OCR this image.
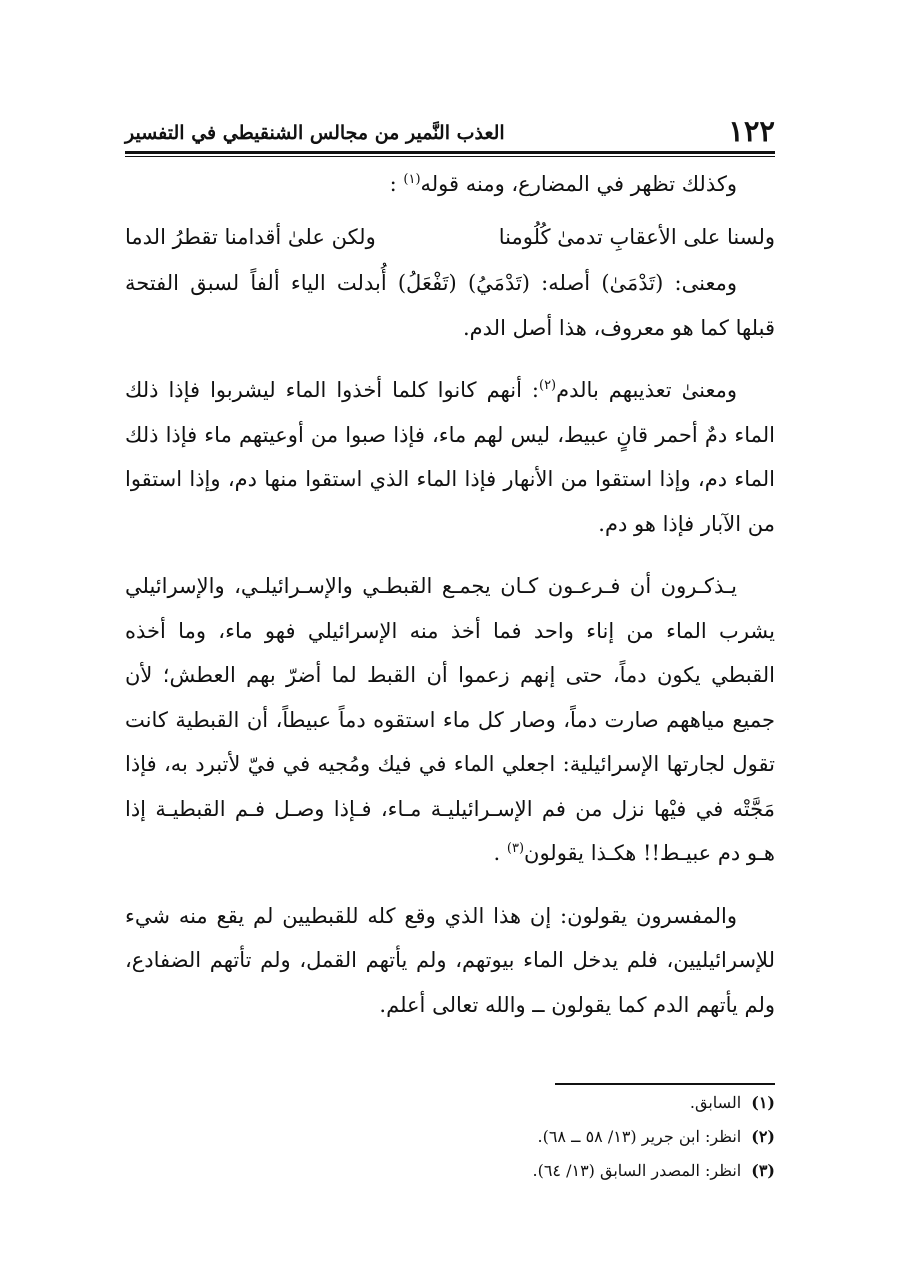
١٢٢
العذب النَّمير من مجالس الشنقيطي في التفسير

وكذلك تظهر في المضارع، ومنه قوله$^{(١)}$ :

ولسنا على الأعقابِ تدمىٰ كُلُومنا
ولكن علىٰ أقدامنا تقطرُ الدما

ومعنى: (تَدْمَىٰ) أصله: (تَدْمَيُ) (تَفْعَلُ) أُبدلت الياء ألفاً لسبق الفتحة قبلها كما هو معروف، هذا أصل الدم.

ومعنىٰ تعذيبهم بالدم$^{(٢)}$: أنهم كانوا كلما أخذوا الماء ليشربوا فإذا ذلك الماء دمٌ أحمر قانٍ عبيط، ليس لهم ماء، فإذا صبوا من أوعيتهم ماء فإذا ذلك الماء دم، وإذا استقوا من الأنهار فإذا الماء الذي استقوا منها دم، وإذا استقوا من الآبار فإذا هو دم.

يـذكـرون أن فـرعـون كـان يجمـع القبطـي والإسـرائيلـي، والإسرائيلي يشرب الماء من إناء واحد فما أخذ منه الإسرائيلي فهو ماء، وما أخذه القبطي يكون دماً، حتى إنهم زعموا أن القبط لما أضرّ بهم العطش؛ لأن جميع مياههم صارت دماً، وصار كل ماء استقوه دماً عبيطاً، أن القبطية كانت تقول لجارتها الإسرائيلية: اجعلي الماء في فيك ومُجيه في فيّ لأتبرد به، فإذا مَجَّتْه في فيْها نزل من فم الإسـرائيليـة مـاء، فـإذا وصـل فـم القبطيـة إذا هـو دم عبيـط!! هكـذا يقولون$^{(٣)}$ .

والمفسرون يقولون: إن هذا الذي وقع كله للقبطيين لم يقع منه شيء للإسرائيليين، فلم يدخل الماء بيوتهم، ولم يأتهم القمل، ولم تأتهم الضفادع، ولم يأتهم الدم كما يقولون ــ والله تعالى أعلم.

(١)السابق.
(٢)انظر: ابن جرير (١٣/ ٥٨ ــ ٦٨).
(٣)انظر: المصدر السابق (١٣/ ٦٤).
